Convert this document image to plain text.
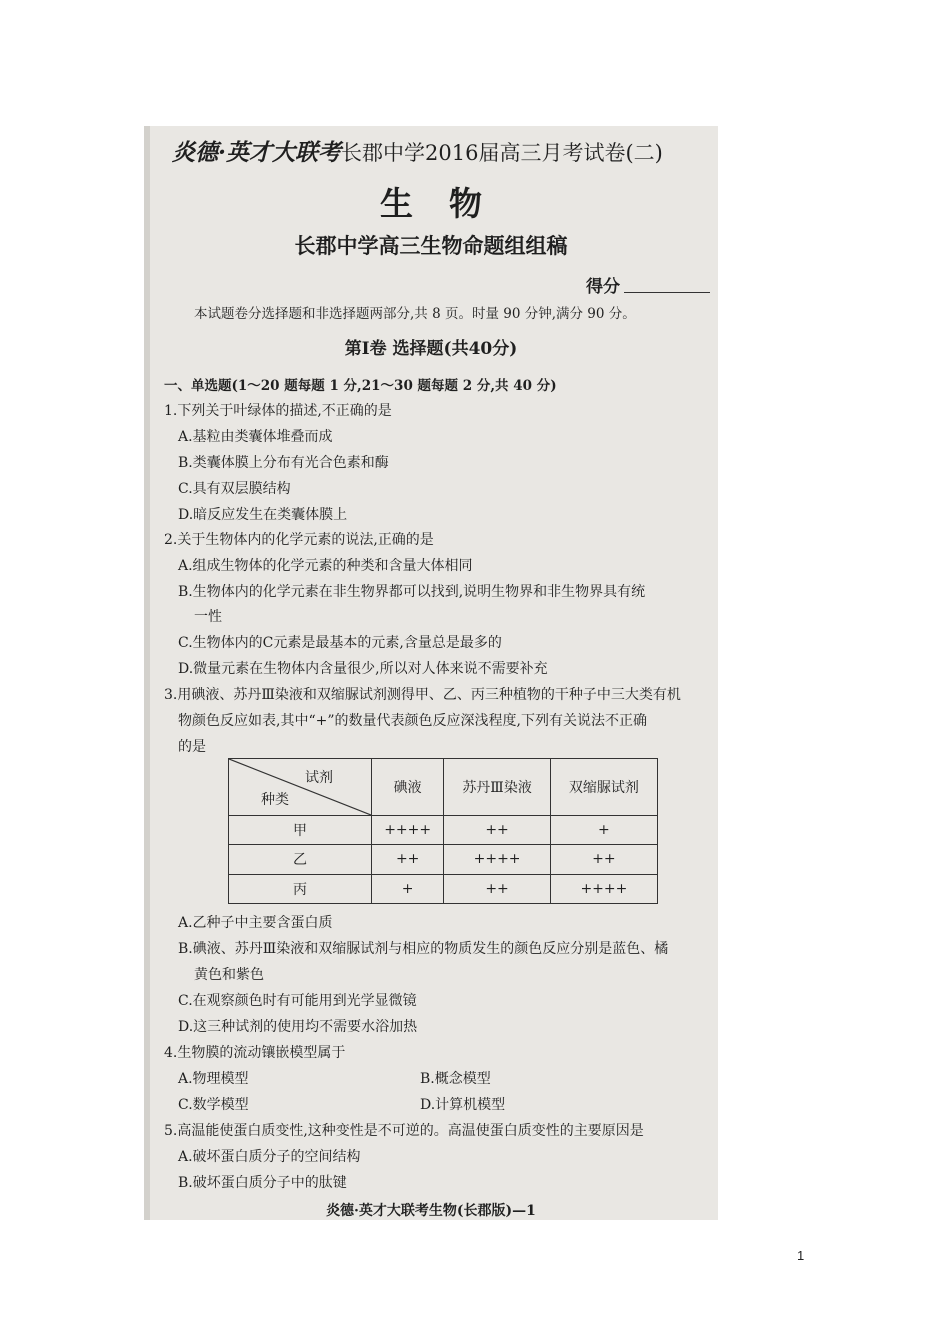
炎德·英才大联考长郡中学2016届高三月考试卷(二)
生物
长郡中学高三生物命题组组稿
得分
本试题卷分选择题和非选择题两部分,共 8 页。时量 90 分钟,满分 90 分。
第Ⅰ卷 选择题(共40分)
一、单选题(1～20 题每题 1 分,21～30 题每题 2 分,共 40 分)
1.下列关于叶绿体的描述,不正确的是
A.基粒由类囊体堆叠而成
B.类囊体膜上分布有光合色素和酶
C.具有双层膜结构
D.暗反应发生在类囊体膜上
2.关于生物体内的化学元素的说法,正确的是
A.组成生物体的化学元素的种类和含量大体相同
B.生物体内的化学元素在非生物界都可以找到,说明生物界和非生物界具有统
一性
C.生物体内的C元素是最基本的元素,含量总是最多的
D.微量元素在生物体内含量很少,所以对人体来说不需要补充
3.用碘液、苏丹Ⅲ染液和双缩脲试剂测得甲、乙、丙三种植物的干种子中三大类有机
物颜色反应如表,其中“+”的数量代表颜色反应深浅程度,下列有关说法不正确
的是
试剂
种类	碘液	苏丹Ⅲ染液	双缩脲试剂
甲	++++	++	+
乙	++	++++	++
丙	+	++	++++
A.乙种子中主要含蛋白质
B.碘液、苏丹Ⅲ染液和双缩脲试剂与相应的物质发生的颜色反应分别是蓝色、橘
黄色和紫色
C.在观察颜色时有可能用到光学显微镜
D.这三种试剂的使用均不需要水浴加热
4.生物膜的流动镶嵌模型属于
A.物理模型	B.概念模型
C.数学模型	D.计算机模型
5.高温能使蛋白质变性,这种变性是不可逆的。高温使蛋白质变性的主要原因是
A.破坏蛋白质分子的空间结构
B.破坏蛋白质分子中的肽键
炎德·英才大联考生物(长郡版)—1
1
